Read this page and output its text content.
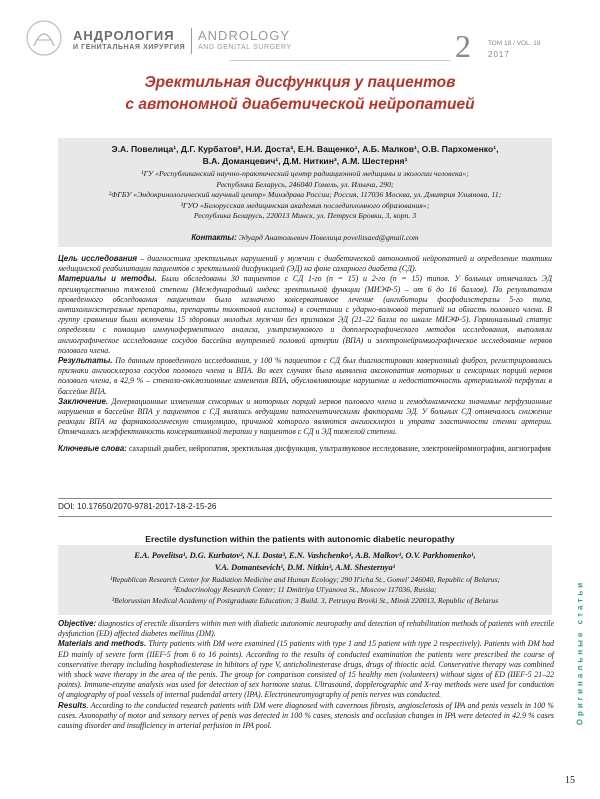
АНДРОЛОГИЯ
И ГЕНИТАЛЬНАЯ ХИРУРГИЯ
ANDROLOGY
AND GENITAL SURGERY	2	ТОМ 18 / VOL. 18
2017
Эректильная дисфункция у пациентов
с автономной диабетической нейропатией
Э.А. Повелица¹, Д.Г. Курбатов², Н.И. Доста³, Е.Н. Ващенко¹, А.Б. Малков¹, О.В. Пархоменко¹,
В.А. Доманцевич¹, Д.М. Ниткин³, А.М. Шестерня¹
¹ГУ «Республиканский научно-практический центр радиационной медицины и экологии человека»;
Республика Беларусь, 246040 Гомель, ул. Ильича, 290;
²ФГБУ «Эндокринологический научный центр» Минздрава России; Россия, 117036 Москва, ул. Дмитрия Ульянова, 11;
³ГУО «Белорусская медицинская академия последипломного образования»;
Республика Беларусь, 220013 Минск, ул. Петруся Бровки, 3, корп. 3
Контакты: Эдуард Анатольевич Повелица povelitsaed@gmail.com
Цель исследования – диагностика эректильных нарушений у мужчин с диабетической автономной нейропатией и определение тактики медицинской реабилитации пациентов с эректильной дисфункцией (ЭД) на фоне сахарного диабета (СД).
Материалы и методы. Были обследованы 30 пациентов с СД 1-го (n = 15) и 2-го (n = 15) типов. У больных отмечалась ЭД преимущественно тяжелой степени (Международный индекс эректильной функции (МИЭФ-5) – от 6 до 16 баллов). По результатам проведенного обследования пациентам было назначено консервативное лечение (ингибиторы фосфодиэстеразы 5-го типа, антихолинэстеразные препараты, препараты тиоктовой кислоты) в сочетании с ударно-волновой терапией на область полового члена. В группу сравнения были включены 15 здоровых молодых мужчин без признаков ЭД (21–22 балла по шкале МИЭФ-5). Гормональный статус определяли с помощью иммуноферментного анализа, ультразвукового и допплерографического методов исследования, выполняли ангиографическое исследование сосудов бассейна внутренней половой артерии (ВПА) и электронейромиографическое исследование нервов полового члена.
Результаты. По данным проведенного исследования, у 100 % пациентов с СД был диагностирован кавернозный фиброз, регистрировались признаки ангиосклероза сосудов полового члена и ВПА. Во всех случаях была выявлена аксонопатия моторных и сенсорных порций нервов полового члена, в 42,9 % – стенозо-окклюзионные изменения ВПА, обусловливающие нарушение и недостаточность артериальной перфузии в бассейне ВПА.
Заключение. Денервационные изменения сенсорных и моторных порций нервов полового члена и гемодинамически значимые перфузионные нарушения в бассейне ВПА у пациентов с СД являлись ведущими патогенетическими факторами ЭД. У больных СД отмечалось снижение реакции ВПА на фармакологическую стимуляцию, причиной которого являются ангиосклероз и утрата эластичности стенки артерии. Отмечалась неэффективность консервативной терапии у пациентов с СД и ЭД тяжелой степени.
Ключевые слова: сахарный диабет, нейропатия, эректильная дисфункция, ультразвуковое исследование, электронейромиография, ангиография
DOI: 10.17650/2070-9781-2017-18-2-15-26
Erectile dysfunction within the patients with autonomic diabetic neuropathy
E.A. Povelitsa¹, D.G. Kurbatov², N.I. Dosta³, E.N. Vashchenko¹, A.B. Malkov¹, O.V. Parkhomenko¹,
V.A. Domantsevich¹, D.M. Nitkin³, A.M. Shesternya¹
¹Republican Research Center for Radiation Medicine and Human Ecology; 290 Il'icha St., Gomel' 246040, Republic of Belarus;
²Endocrinology Research Center; 11 Dmitriya Ul'yanova St., Moscow 117036, Russia;
³Belorussian Medical Academy of Postgraduate Education; 3 Build. 3, Petrusya Brovki St., Minsk 220013, Republic of Belarus
Objective: diagnostics of erectile disorders within men with diabetic autonomic neuropathy and detection of rehabilitation methods of patients with erectile dysfunction (ED) affected diabetes mellitus (DM).
Materials and methods. Thirty patients with DM were examined (15 patients with type 1 and 15 patient with type 2 respectively). Patients with DM had ED mainly of severe form (IIEF-5 from 6 to 16 points). According to the results of conducted examination the patients were prescribed the course of conservative therapy including hosphodiesterase in hibitors of type V, anticholinesterase drugs, drugs of thioctic acid. Conservative therapy was combined with shock wave therapy in the area of the penis. The group for comparison consisted of 15 healthy men (volunteers) without signs of ED (IIEF-5 21–22 points). Immune-enzyme analysis was used for detection of sex hormone status. Ultrasound, dopplerographic and X-ray methods were used for conduction of angiography of pool vessels of internal pudendal artery (IPA). Electroneuromyography of penis nerves was conducted.
Results. According to the conducted research patients with DM were diagnosed with cavernous fibrosis, angiosclerosis of IPA and penis vessels in 100 % cases. Axonopathy of motor and sensory nerves of penis was detected in 100 % cases, stenosis and occlusion changes in IPA were detected in 42.9 % cases causing disorder and insufficiency in arterial perfusion in IPA pool.
Оригинальные статьи
15
